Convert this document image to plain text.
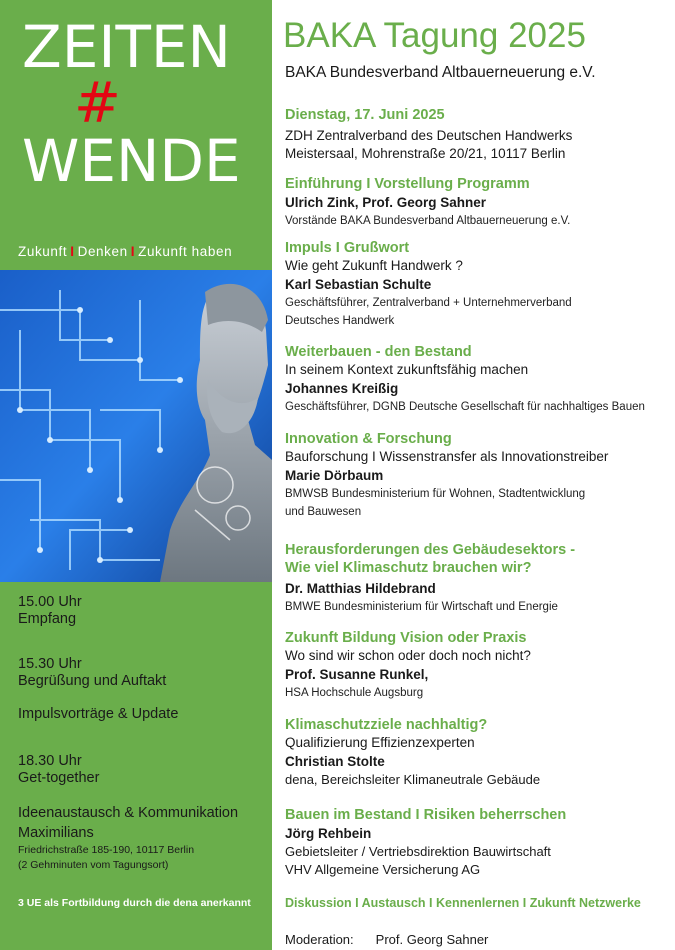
ZEITEN
#
WENDE
Zukunft I Denken I Zukunft haben
15.00 Uhr
Empfang
15.30 Uhr
Begrüßung und Auftakt
Impulsvorträge & Update
18.30 Uhr
Get-together
Ideenaustausch & Kommunikation
Maximilians
Friedrichstraße 185-190, 10117 Berlin
(2 Gehminuten vom Tagungsort)
3 UE als Fortbildung durch die dena anerkannt
BAKA Tagung 2025
BAKA Bundesverband Altbauerneuerung e.V.
Dienstag, 17. Juni 2025
ZDH Zentralverband des Deutschen Handwerks
Meistersaal, Mohrenstraße 20/21, 10117 Berlin
Einführung I Vorstellung Programm
Ulrich Zink, Prof. Georg Sahner
Vorstände BAKA Bundesverband Altbauerneuerung e.V.
Impuls I Grußwort
Wie geht Zukunft Handwerk ?
Karl Sebastian Schulte
Geschäftsführer, Zentralverband + Unternehmerverband
Deutsches Handwerk
Weiterbauen - den Bestand
In seinem Kontext zukunftsfähig machen
Johannes Kreißig
Geschäftsführer, DGNB Deutsche Gesellschaft für nachhaltiges Bauen
Innovation & Forschung
Bauforschung I Wissenstransfer als Innovationstreiber
Marie Dörbaum
BMWSB Bundesministerium für Wohnen, Stadtentwicklung
und Bauwesen
Herausforderungen des Gebäudesektors -
Wie viel Klimaschutz brauchen wir?
Dr. Matthias Hildebrand
BMWE Bundesministerium für Wirtschaft und Energie
Zukunft Bildung Vision oder Praxis
Wo sind wir schon oder doch noch nicht?
Prof. Susanne Runkel,
HSA Hochschule Augsburg
Klimaschutzziele nachhaltig?
Qualifizierung Effizienzexperten
Christian Stolte
dena, Bereichsleiter Klimaneutrale Gebäude
Bauen im Bestand I Risiken beherrschen
Jörg Rehbein
Gebietsleiter / Vertriebsdirektion Bauwirtschaft
VHV Allgemeine Versicherung AG
Diskussion I Austausch I Kennenlernen I Zukunft Netzwerke
Moderation: Prof. Georg Sahner
